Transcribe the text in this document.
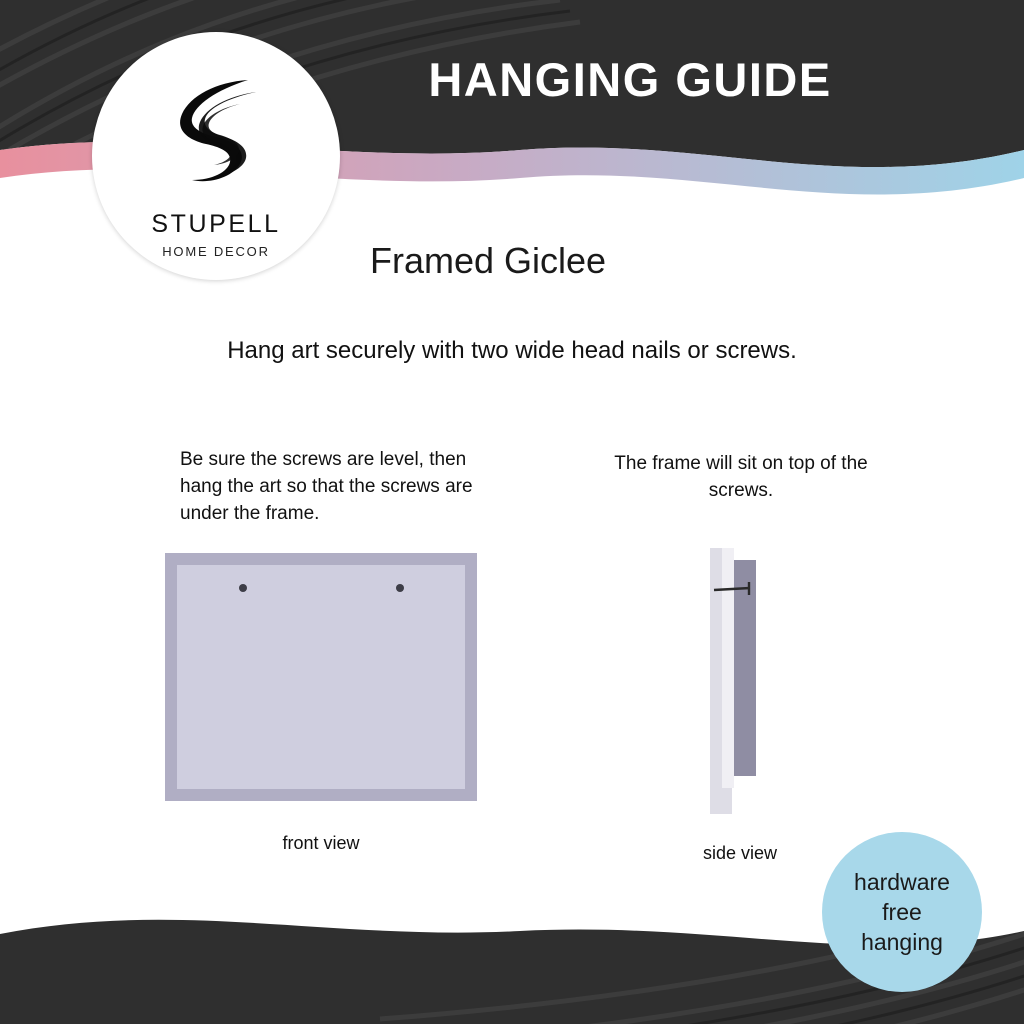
HANGING GUIDE
STUPELL
HOME DECOR	Framed Giclee
Hang art securely with two wide head nails or screws.
Be sure the screws are level, then hang the art so that the screws are under the frame.
front view
The frame will sit on top of the screws.
side view
hardware
free
hanging
